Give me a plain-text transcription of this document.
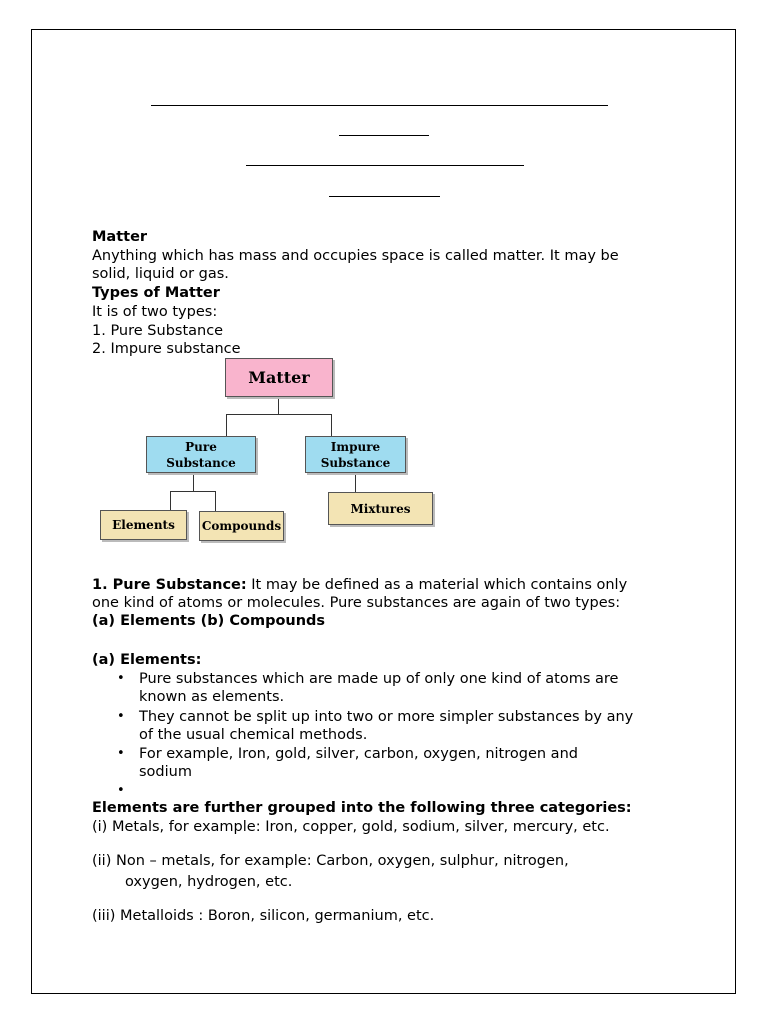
Matter
Anything which has mass and occupies space is called matter. It may be
solid, liquid or gas.
Types of Matter
It is of two types:
1. Pure Substance
2. Impure substance
Matter
Pure
Substance
Impure
Substance
Elements Compounds
Mixtures
1. Pure Substance: It may be defined as a material which contains only
one kind of atoms or molecules. Pure substances are again of two types:
(a) Elements (b) Compounds
(a) Elements:
• Pure substances which are made up of only one kind of atoms are
known as elements.
• They cannot be split up into two or more simpler substances by any
of the usual chemical methods.
• For example, Iron, gold, silver, carbon, oxygen, nitrogen and
sodium
•
Elements are further grouped into the following three categories:
(i) Metals, for example: Iron, copper, gold, sodium, silver, mercury, etc.
(ii) Non – metals, for example: Carbon, oxygen, sulphur, nitrogen,
oxygen, hydrogen, etc.
(iii) Metalloids : Boron, silicon, germanium, etc.
